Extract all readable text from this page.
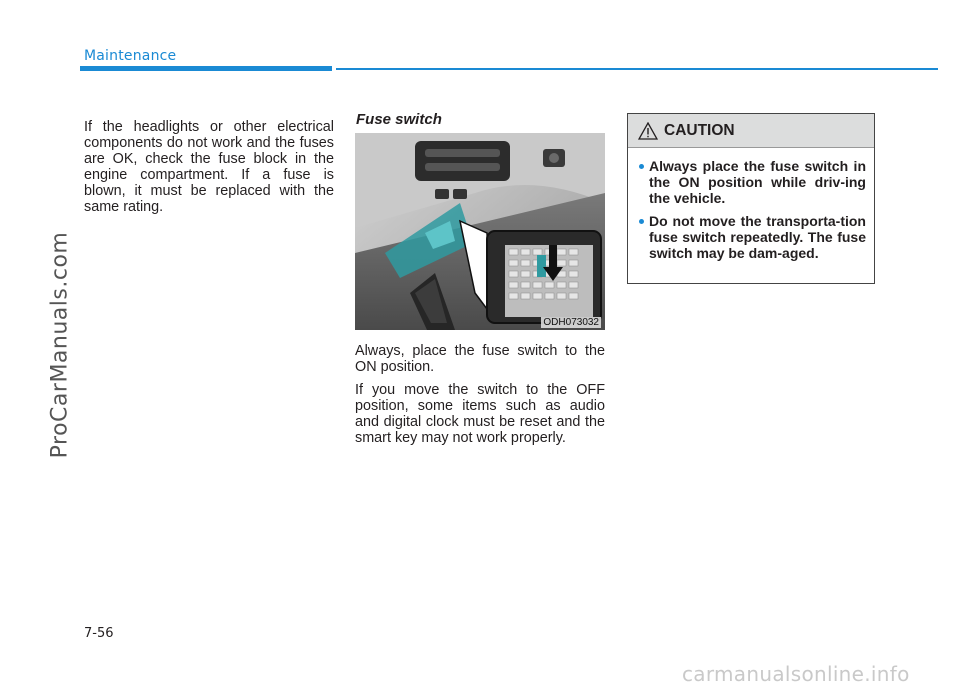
Maintenance
ProCarManuals.com
If the headlights or other electrical components do not work and the fuses are OK, check the fuse block in the engine compartment. If a fuse is blown, it must be replaced with the same rating.
Fuse switch
ODH073032

Always, place the fuse switch to the ON position.

If you move the switch to the OFF position, some items such as audio and digital clock must be reset and the smart key may not work properly.

CAUTION
Always place the fuse switch in the ON position while driv-ing the vehicle.
Do not move the transporta-tion fuse switch repeatedly. The fuse switch may be dam-aged.
7-56
carmanualsonline.info
